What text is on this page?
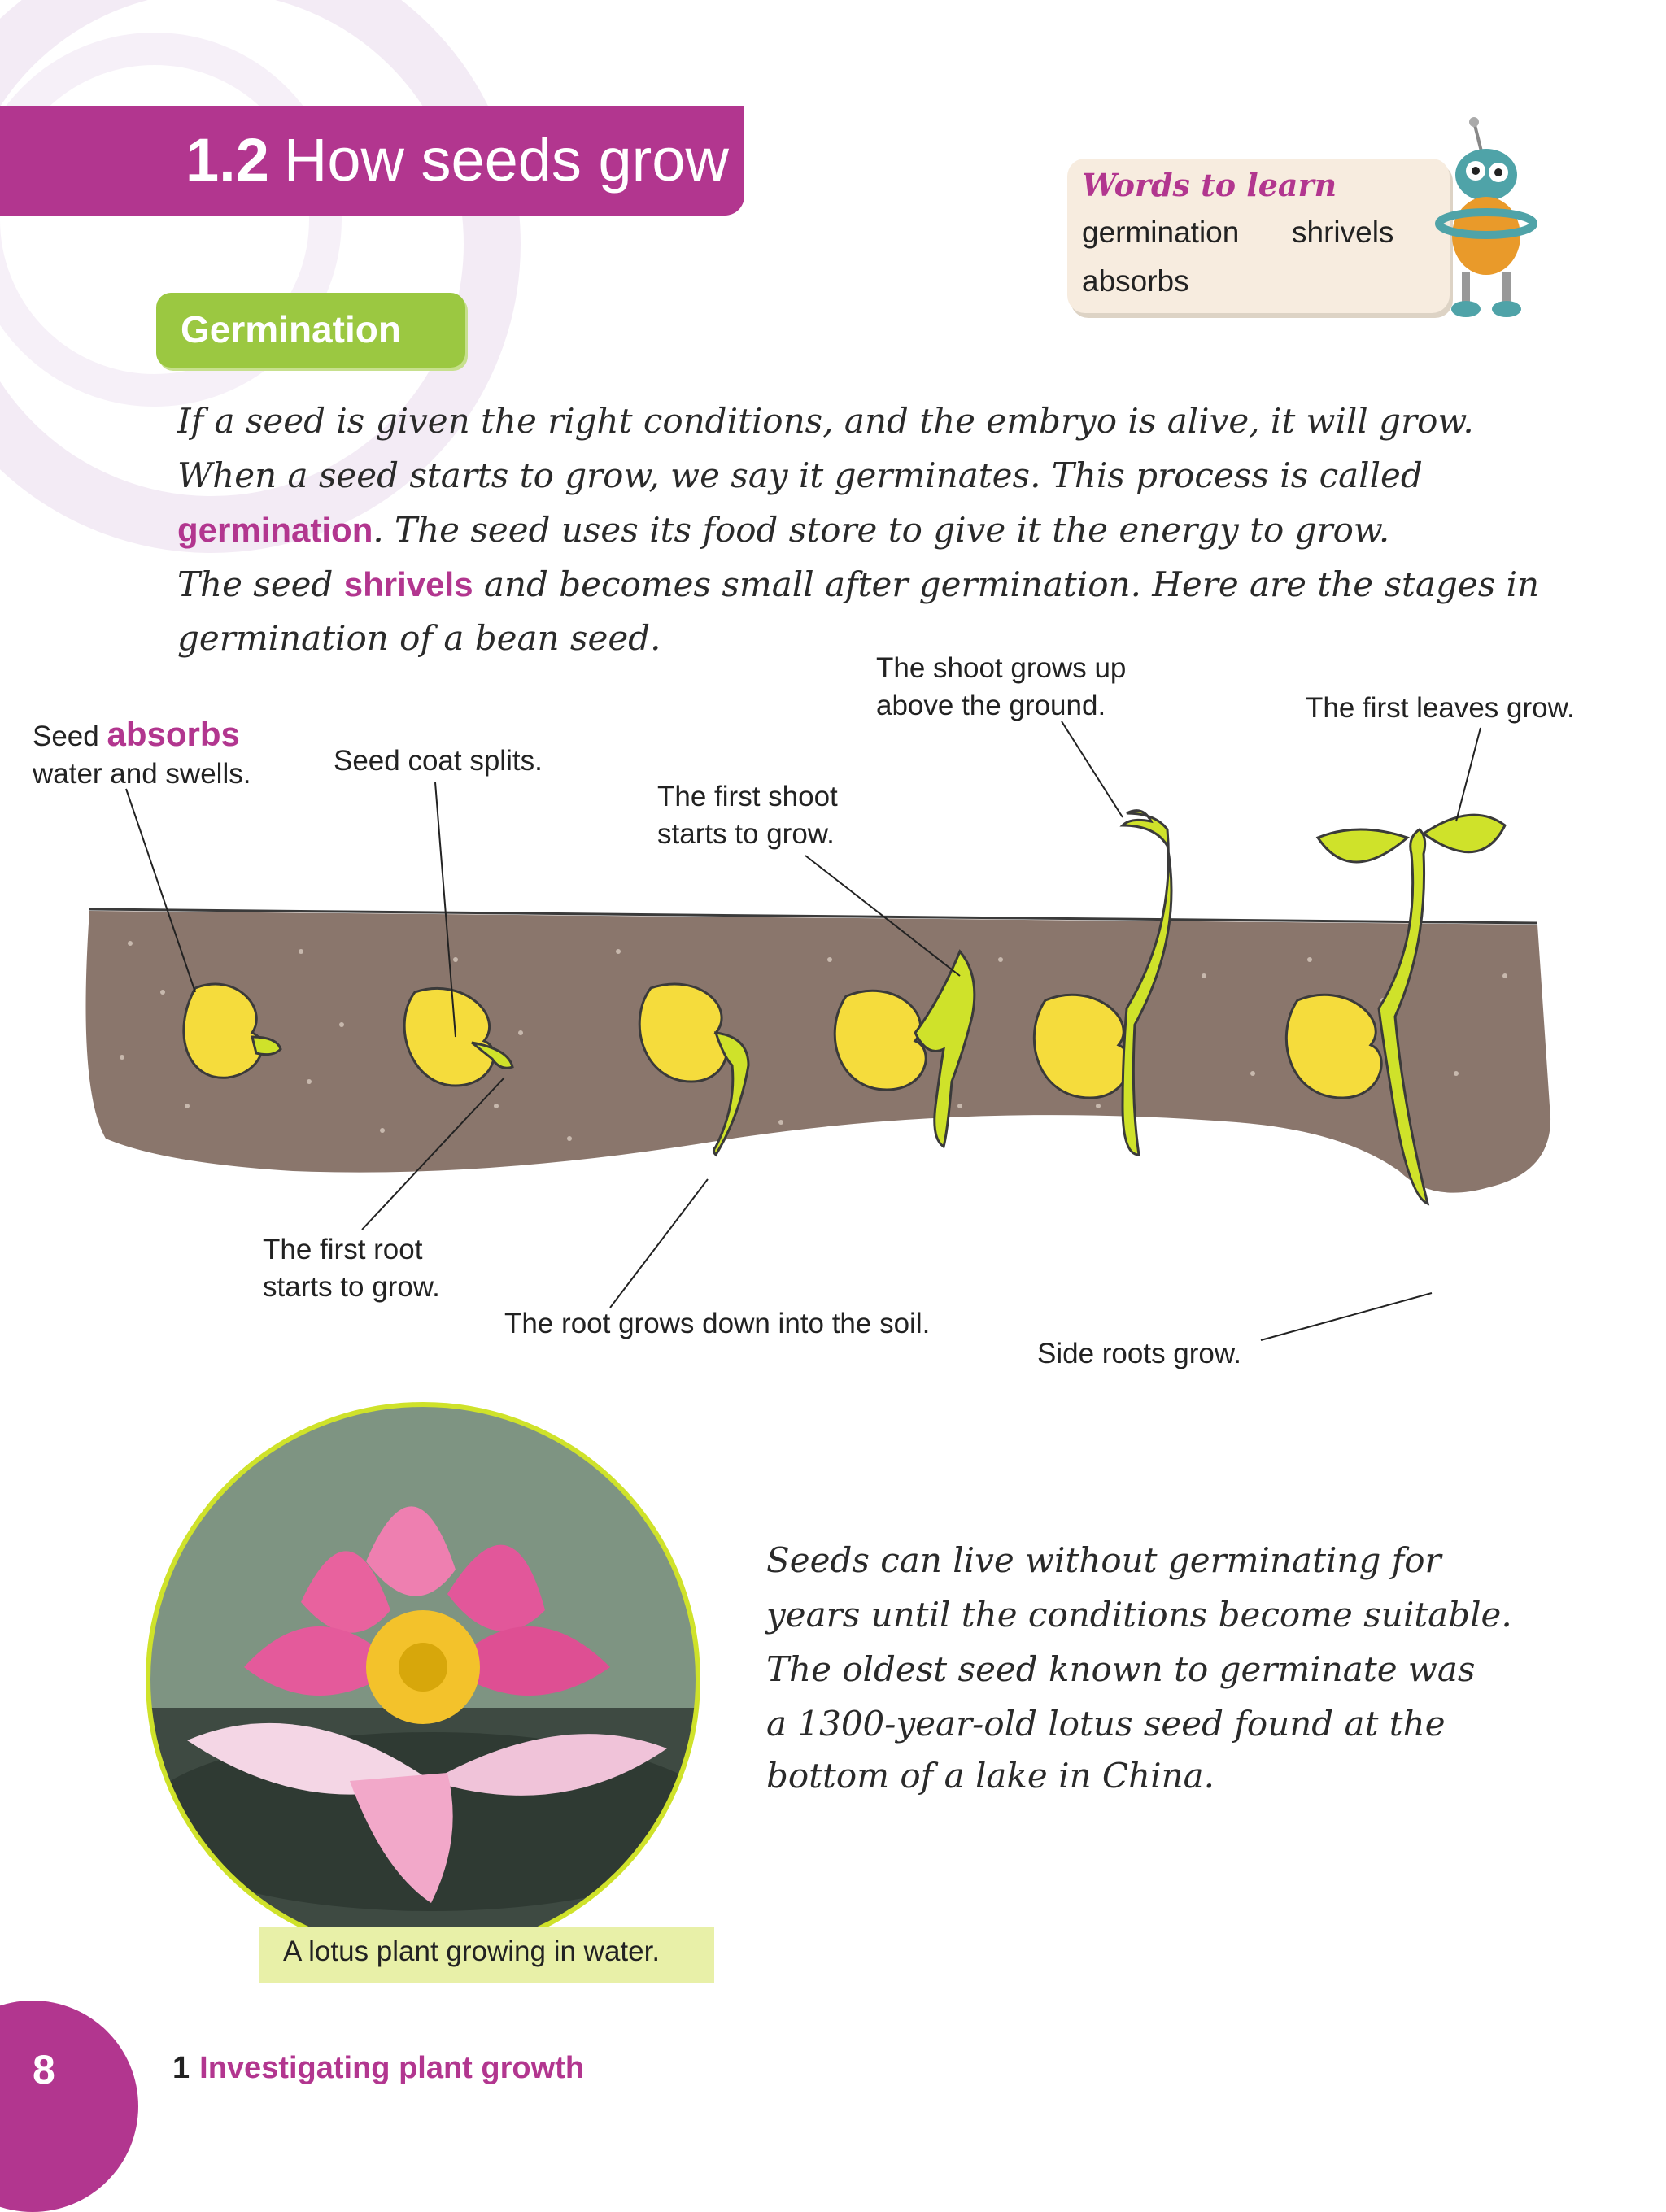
1.2 How seeds grow	Words to learn
germination shrivels
absorbs
Germination
If a seed is given the right conditions, and the embryo is alive, it will grow.
When a seed starts to grow, we say it germinates. This process is called
germination. The seed uses its food store to give it the energy to grow.
The seed shrivels and becomes small after germination. Here are the stages in
germination of a bean seed.
Seed absorbs
water and swells.	Seed coat splits.
The first shoot
starts to grow.
The shoot grows up
above the ground.	The first leaves grow.
The first root
starts to grow.
The root grows down into the soil.
Side roots grow.
A lotus plant growing in water.
Seeds can live without germinating for
years until the conditions become suitable.
The oldest seed known to germinate was
a 1300-year-old lotus seed found at the
bottom of a lake in China.
8	1 Investigating plant growth
